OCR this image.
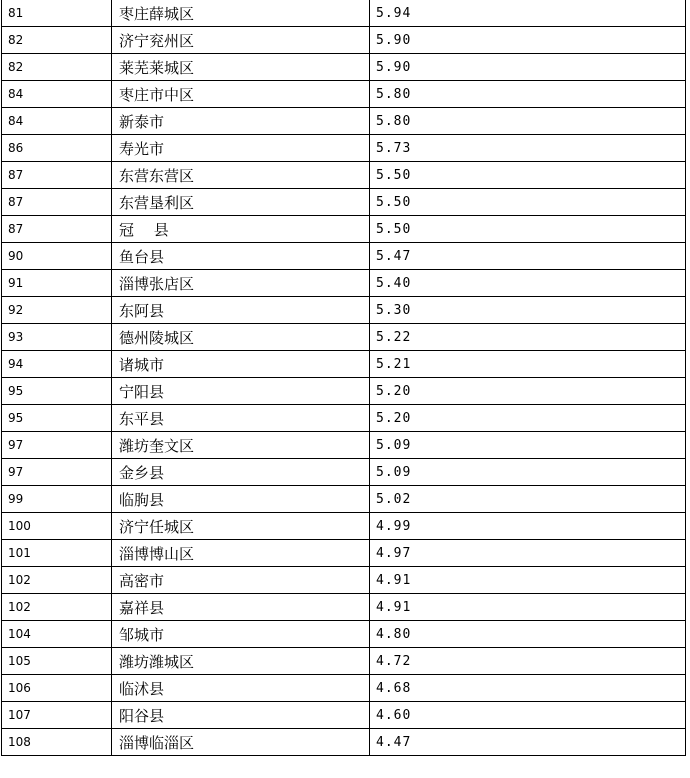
81	枣庄薛城区	5.94
82	济宁兖州区	5.90
82	莱芜莱城区	5.90
84	枣庄市中区	5.80
84	新泰市	5.80
86	寿光市	5.73
87	东营东营区	5.50
87	东营垦利区	5.50
87	冠　 县	5.50
90	鱼台县	5.47
91	淄博张店区	5.40
92	东阿县	5.30
93	德州陵城区	5.22
94	诸城市	5.21
95	宁阳县	5.20
95	东平县	5.20
97	潍坊奎文区	5.09
97	金乡县	5.09
99	临朐县	5.02
100	济宁任城区	4.99
101	淄博博山区	4.97
102	高密市	4.91
102	嘉祥县	4.91
104	邹城市	4.80
105	潍坊潍城区	4.72
106	临沭县	4.68
107	阳谷县	4.60
108	淄博临淄区	4.47
